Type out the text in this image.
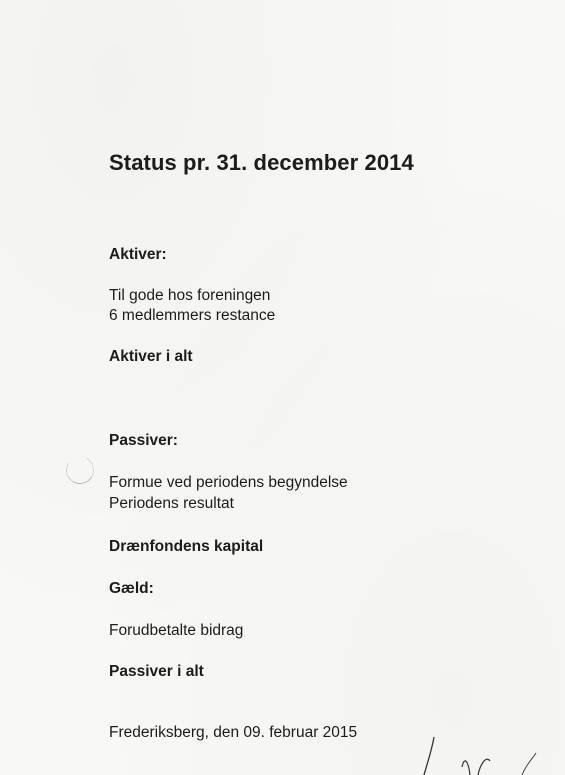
Status pr. 31. december 2014
Aktiver:
Til gode hos foreningen
6 medlemmers restance
Aktiver i alt
Passiver:
Formue ved periodens begyndelse
Periodens resultat
Drænfondens kapital
Gæld:
Forudbetalte bidrag
Passiver i alt
Frederiksberg, den 09. februar 2015
